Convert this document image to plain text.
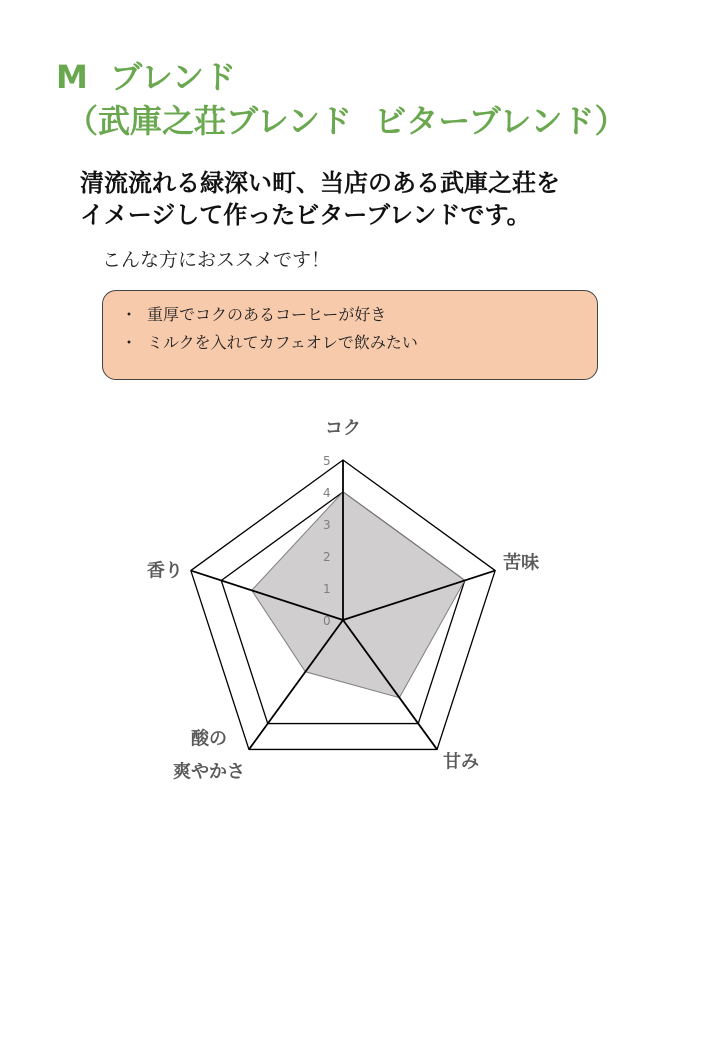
M  ブレンド
（武庫之荘ブレンド  ビターブレンド）

清流流れる緑深い町、当店のある武庫之荘を

イメージして作ったビターブレンドです。

こんな方におススメです！
・ 重厚でコクのあるコーヒーが好き
・ ミルクを入れてカフェオレで飲みたい
0
1
2
3
4
5
コク
苦味
甘み
酸の爽やかさ
香り
